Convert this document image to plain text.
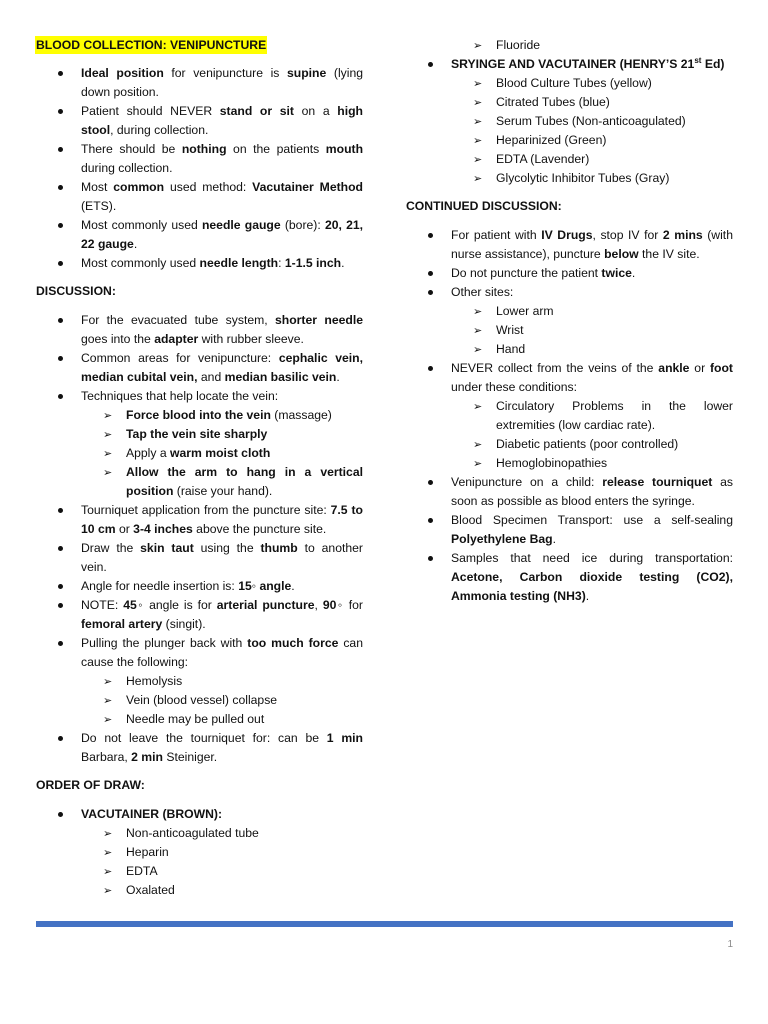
BLOOD COLLECTION: VENIPUNCTURE
Ideal position for venipuncture is supine (lying down position.
Patient should NEVER stand or sit on a high stool, during collection.
There should be nothing on the patients mouth during collection.
Most common used method: Vacutainer Method (ETS).
Most commonly used needle gauge (bore): 20, 21, 22 gauge.
Most commonly used needle length: 1-1.5 inch.
DISCUSSION:
For the evacuated tube system, shorter needle goes into the adapter with rubber sleeve.
Common areas for venipuncture: cephalic vein, median cubital vein, and median basilic vein.
Techniques that help locate the vein:
➢ Force blood into the vein (massage)
➢ Tap the vein site sharply
➢ Apply a warm moist cloth
➢ Allow the arm to hang in a vertical position (raise your hand).
Tourniquet application from the puncture site: 7.5 to 10 cm or 3-4 inches above the puncture site.
Draw the skin taut using the thumb to another vein.
Angle for needle insertion is: 15◦ angle.
NOTE: 45◦ angle is for arterial puncture, 90◦ for femoral artery (singit).
Pulling the plunger back with too much force can cause the following:
➢ Hemolysis
➢ Vein (blood vessel) collapse
➢ Needle may be pulled out
Do not leave the tourniquet for: can be 1 min Barbara, 2 min Steiniger.
ORDER OF DRAW:
VACUTAINER (BROWN):
➢ Non-anticoagulated tube
➢ Heparin
➢ EDTA
➢ Oxalated
➢ Fluoride
SRYINGE AND VACUTAINER (HENRY’S 21st Ed)
➢ Blood Culture Tubes (yellow)
➢ Citrated Tubes (blue)
➢ Serum Tubes (Non-anticoagulated)
➢ Heparinized (Green)
➢ EDTA (Lavender)
➢ Glycolytic Inhibitor Tubes (Gray)
CONTINUED DISCUSSION:
For patient with IV Drugs, stop IV for 2 mins (with nurse assistance), puncture below the IV site.
Do not puncture the patient twice.
Other sites:
➢ Lower arm
➢ Wrist
➢ Hand
NEVER collect from the veins of the ankle or foot under these conditions:
➢ Circulatory Problems in the lower extremities (low cardiac rate).
➢ Diabetic patients (poor controlled)
➢ Hemoglobinopathies
Venipuncture on a child: release tourniquet as soon as possible as blood enters the syringe.
Blood Specimen Transport: use a self-sealing Polyethylene Bag.
Samples that need ice during transportation: Acetone, Carbon dioxide testing (CO2), Ammonia testing (NH3).
1
